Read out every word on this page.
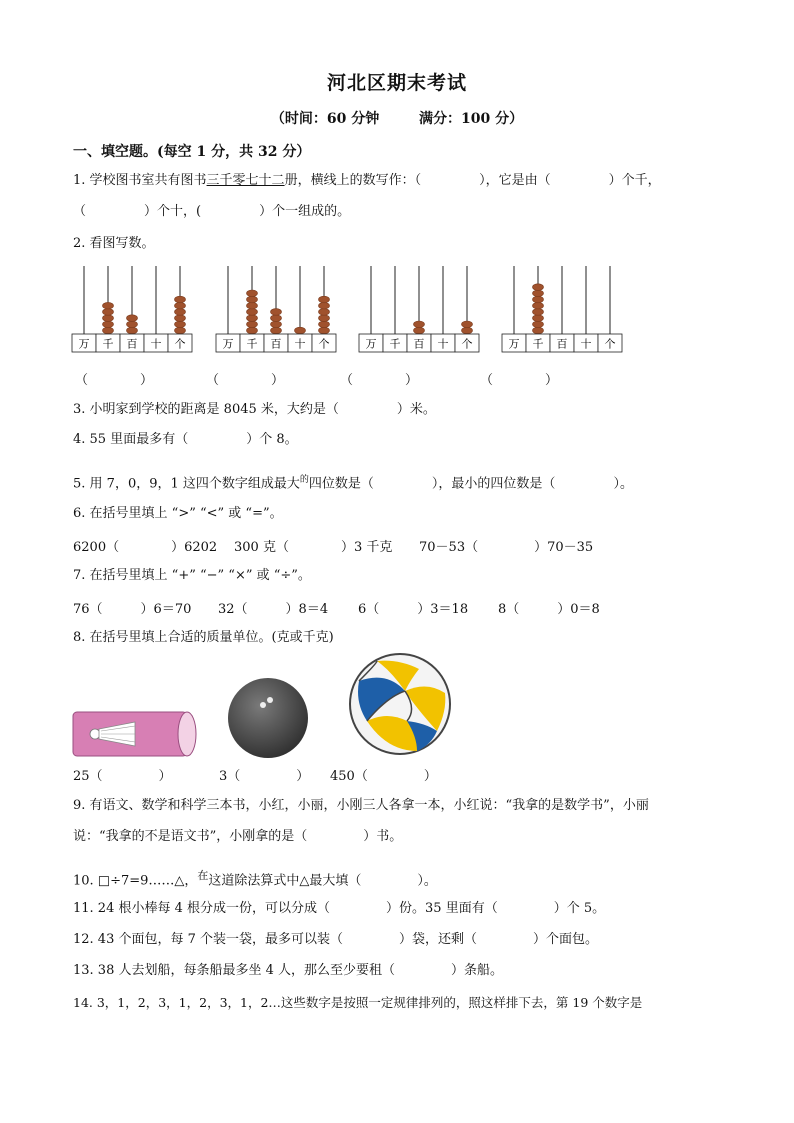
河北区期末考试
（时间：60 分钟	满分：100 分）
一、填空题。(每空 1 分，共 32 分）
1. 学校图书室共有图书三千零七十二册，横线上的数写作：（	），它是由（	）个千，
（	）个十，(	）个一组成的。
2. 看图写数。
万 千 百 十 个	万 千 百 十 个	万 千 百 十 个	万 千 百 十 个
（	）	（	）	（	）	（	）
3. 小明家到学校的距离是 8045 米，大约是（	）米。
4. 55 里面最多有（	）个 8。
5. 用 7，0，9，1 这四个数字组成最大$^的$四位数是（	），最小的四位数是（	）。
6. 在括号里填上 “>” “<” 或 “=”。
6200（	）6202 300 克（	）3 千克 70－53（	）70－35
7. 在括号里填上 “+” “−” “×” 或 “÷”。
76（	）6＝70 32（	）8＝4 6（	）3＝18 8（	）0＝8
8. 在括号里填上合适的质量单位。(克或千克)
25（	）	3（	） 450（	）
9. 有语文、数学和科学三本书，小红，小丽，小刚三人各拿一本，小红说：“我拿的是数学书”，小丽
说：“我拿的不是语文书”，小刚拿的是（	）书。
10. □÷7=9……△，$^在$这道除法算式中△最大填（	）。
11. 24 根小棒每 4 根分成一份，可以分成（	）份。35 里面有（	）个 5。
12. 43 个面包，每 7 个装一袋，最多可以装（	）袋，还剩（	）个面包。
13. 38 人去划船，每条船最多坐 4 人，那么至少要租（	）条船。
14. 3，1，2，3，1，2，3，1，2…这些数字是按照一定规律排列的，照这样排下去，第 19 个数字是
